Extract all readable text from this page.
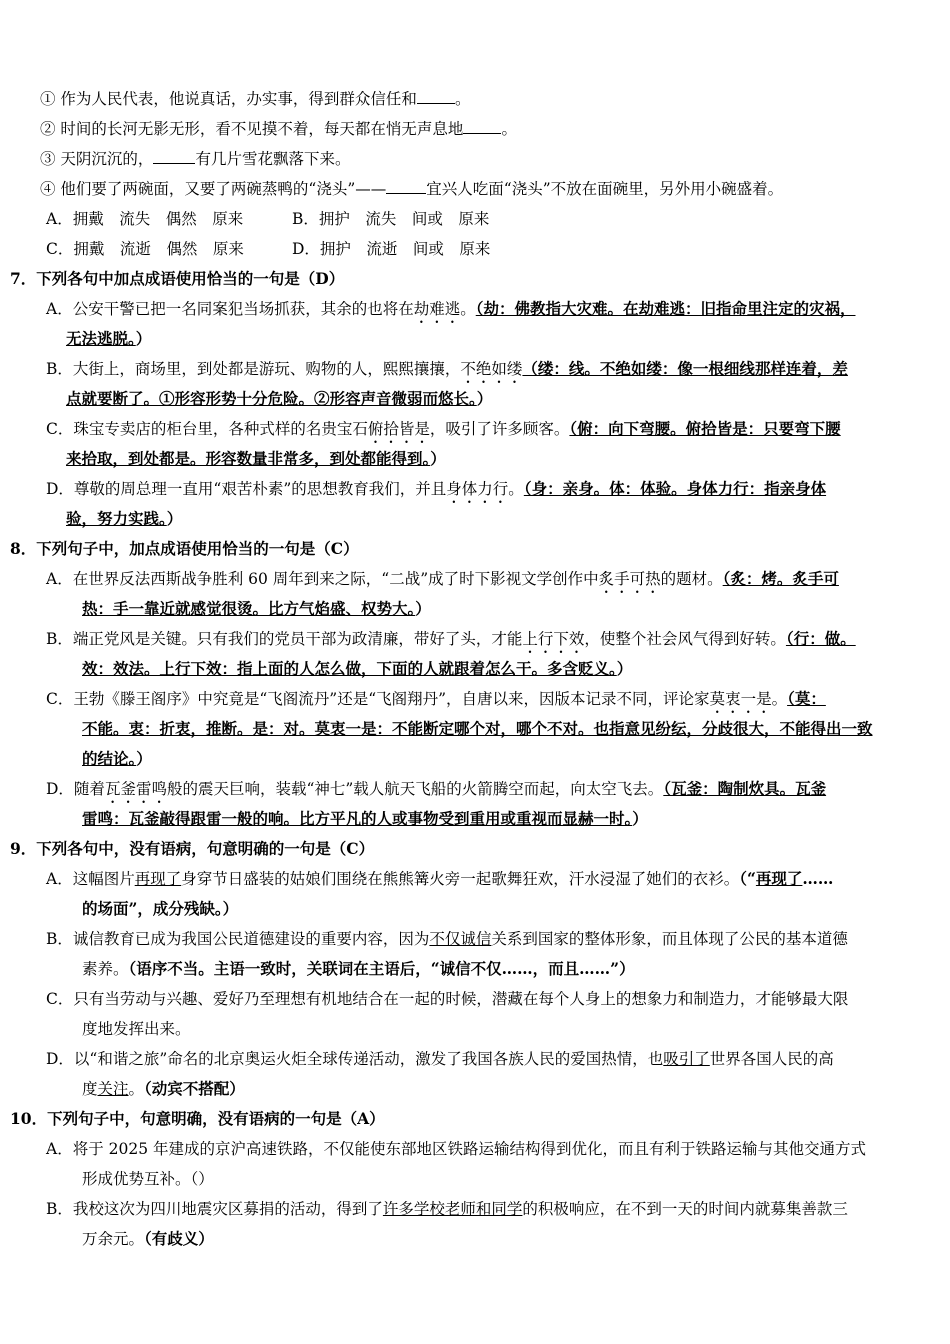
① 作为人民代表，他说真话，办实事，得到群众信任和 。
② 时间的长河无影无形，看不见摸不着，每天都在悄无声息地 。
③ 天阴沉沉的，	有几片雪花飘落下来。
④ 他们要了两碗面，又要了两碗蒸鸭的“浇头”——	宜兴人吃面“浇头”不放在面碗里，另外用小碗盛着。
A．拥戴　流失　偶然　原来	B．拥护　流失　间或　原来
C．拥戴　流逝　偶然　原来	D．拥护　流逝　间或　原来
7．下列各句中加点成语使用恰当的一句是（D）
A．公安干警已把一名同案犯当场抓获，其余的也将在劫难逃。（劫：佛教指大灾难。在劫难逃：旧指命里注定的灾祸，
无法逃脱。）
B．大街上，商场里，到处都是游玩、购物的人，熙熙攘攘，不绝如缕（缕：线。不绝如缕：像一根细线那样连着，差
点就要断了。①形容形势十分危险。②形容声音微弱而悠长。）
C．珠宝专卖店的柜台里，各种式样的名贵宝石俯拾皆是，吸引了许多顾客。（俯：向下弯腰。俯拾皆是：只要弯下腰
来拾取，到处都是。形容数量非常多，到处都能得到。）
D．尊敬的周总理一直用“艰苦朴素”的思想教育我们，并且身体力行。（身：亲身。体：体验。身体力行：指亲身体
验，努力实践。）
8．下列句子中，加点成语使用恰当的一句是（C）
A．在世界反法西斯战争胜利 60 周年到来之际，“二战”成了时下影视文学创作中炙手可热的题材。（炙：烤。炙手可
热：手一靠近就感觉很烫。比方气焰盛、权势大。）
B．端正党风是关键。只有我们的党员干部为政清廉，带好了头，才能上行下效，使整个社会风气得到好转。（行：做。
效：效法。上行下效：指上面的人怎么做，下面的人就跟着怎么干。多含贬义。）
C．王勃《滕王阁序》中究竟是“飞阁流丹”还是“飞阁翔丹”，自唐以来，因版本记录不同，评论家莫衷一是。（莫：
不能。衷：折衷，推断。是：对。莫衷一是：不能断定哪个对，哪个不对。也指意见纷纭，分歧很大，不能得出一致
的结论。）
D．随着瓦釜雷鸣般的震天巨响，装载“神七”载人航天飞船的火箭腾空而起，向太空飞去。（瓦釜：陶制炊具。瓦釜
雷鸣：瓦釜敲得跟雷一般的响。比方平凡的人或事物受到重用或重视而显赫一时。）
9．下列各句中，没有语病，句意明确的一句是（C）
A．这幅图片再现了身穿节日盛装的姑娘们围绕在熊熊篝火旁一起歌舞狂欢，汗水浸湿了她们的衣衫。（“再现了……
的场面”，成分残缺。）
B．诚信教育已成为我国公民道德建设的重要内容，因为不仅诚信关系到国家的整体形象，而且体现了公民的基本道德
素养。（语序不当。主语一致时，关联词在主语后，“诚信不仅……，而且……”）
C．只有当劳动与兴趣、爱好乃至理想有机地结合在一起的时候，潜藏在每个人身上的想象力和制造力，才能够最大限
度地发挥出来。
D．以“和谐之旅”命名的北京奥运火炬全球传递活动，激发了我国各族人民的爱国热情，也吸引了世界各国人民的高
度关注。（动宾不搭配）
10．下列句子中，句意明确，没有语病的一句是（A）
A．将于 2025 年建成的京沪高速铁路，不仅能使东部地区铁路运输结构得到优化，而且有利于铁路运输与其他交通方式
形成优势互补。（）
B．我校这次为四川地震灾区募捐的活动，得到了许多学校老师和同学的积极响应，在不到一天的时间内就募集善款三
万余元。（有歧义）
